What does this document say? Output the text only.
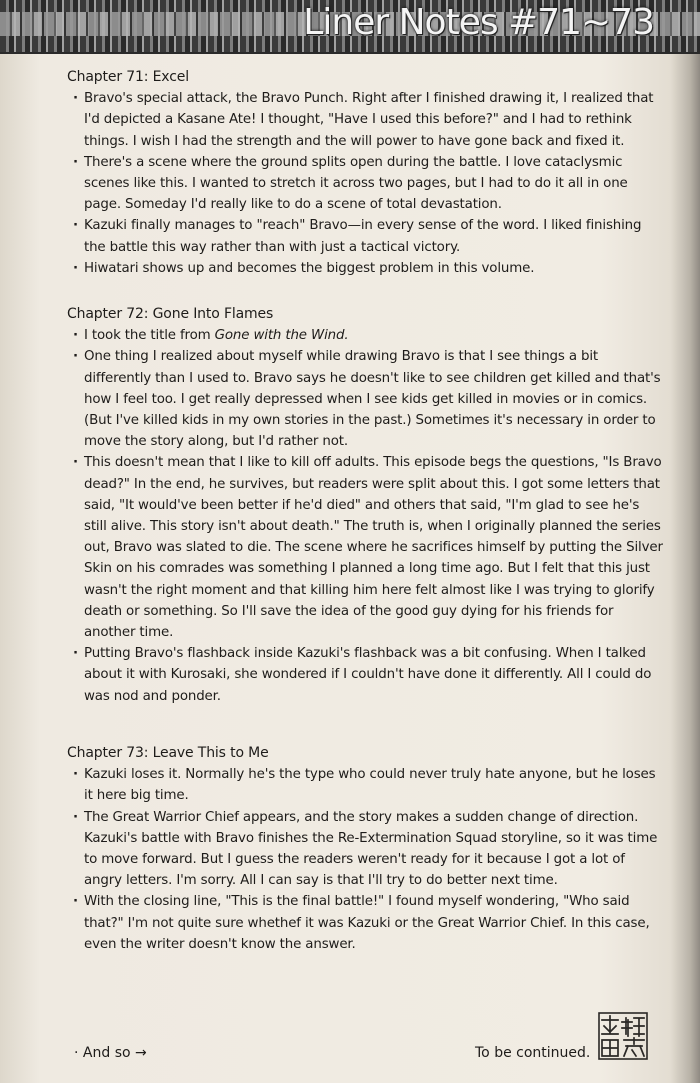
Liner Notes #71~73

Chapter 71: Excel

· Bravo's special attack, the Bravo Punch. Right after I finished drawing it, I realized that I'd depicted a Kasane Ate! I thought, "Have I used this before?" and I had to rethink things. I wish I had the strength and the will power to have gone back and fixed it.
· There's a scene where the ground splits open during the battle. I love cataclysmic scenes like this. I wanted to stretch it across two pages, but I had to do it all in one page. Someday I'd really like to do a scene of total devastation.
· Kazuki finally manages to "reach" Bravo—in every sense of the word. I liked finishing the battle this way rather than with just a tactical victory.
· Hiwatari shows up and becomes the biggest problem in this volume.

Chapter 72: Gone Into Flames

· I took the title from Gone with the Wind.
· One thing I realized about myself while drawing Bravo is that I see things a bit differently than I used to. Bravo says he doesn't like to see children get killed and that's how I feel too. I get really depressed when I see kids get killed in movies or in comics. (But I've killed kids in my own stories in the past.) Sometimes it's necessary in order to move the story along, but I'd rather not.
· This doesn't mean that I like to kill off adults. This episode begs the questions, "Is Bravo dead?" In the end, he survives, but readers were split about this. I got some letters that said, "It would've been better if he'd died" and others that said, "I'm glad to see he's still alive. This story isn't about death." The truth is, when I originally planned the series out, Bravo was slated to die. The scene where he sacrifices himself by putting the Silver Skin on his comrades was something I planned a long time ago. But I felt that this just wasn't the right moment and that killing him here felt almost like I was trying to glorify death or something. So I'll save the idea of the good guy dying for his friends for another time.
· Putting Bravo's flashback inside Kazuki's flashback was a bit confusing. When I talked about it with Kurosaki, she wondered if I couldn't have done it differently. All I could do was nod and ponder.

Chapter 73: Leave This to Me

· Kazuki loses it. Normally he's the type who could never truly hate anyone, but he loses it here big time.
· The Great Warrior Chief appears, and the story makes a sudden change of direction. Kazuki's battle with Bravo finishes the Re-Extermination Squad storyline, so it was time to move forward. But I guess the readers weren't ready for it because I got a lot of angry letters. I'm sorry. All I can say is that I'll try to do better next time.
· With the closing line, "This is the final battle!" I found myself wondering, "Who said that?" I'm not quite sure whethef it was Kazuki or the Great Warrior Chief. In this case, even the writer doesn't know the answer.
· And so →	To be continued.
